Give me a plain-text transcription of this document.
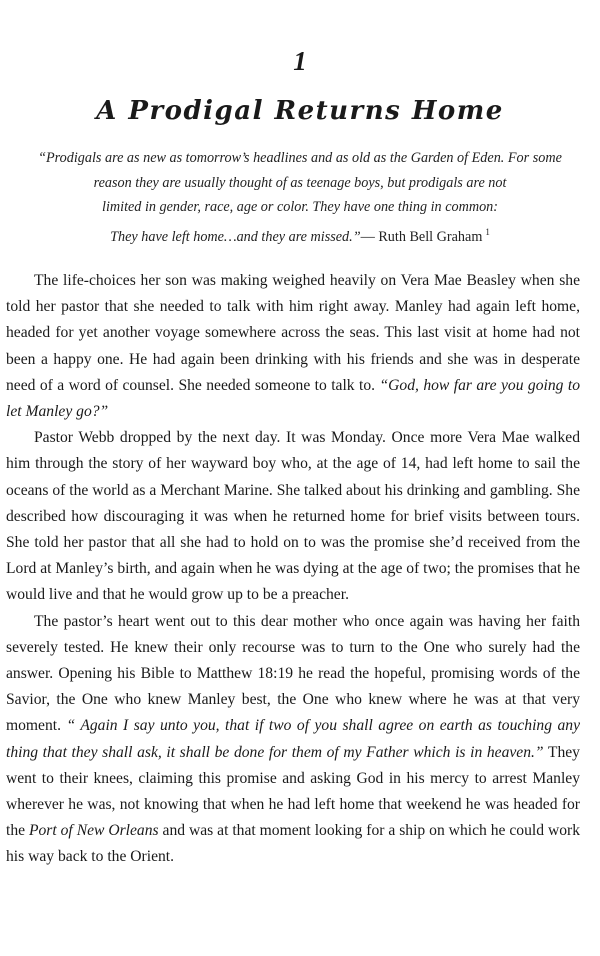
1
A Prodigal Returns Home
“Prodigals are as new as tomorrow’s headlines and as old as the Garden of Eden. For some
reason they are usually thought of as teenage boys, but prodigals are not
limited in gender, race, age or color. They have one thing in common:
They have left home…and they are missed.”— Ruth Bell Graham $^1$

The life-choices her son was making weighed heavily on Vera Mae Beasley when she told her pastor that she needed to talk with him right away. Manley had again left home, headed for yet another voyage somewhere across the seas. This last visit at home had not been a happy one. He had again been drinking with his friends and she was in desperate need of a word of counsel. She needed someone to talk to. “God, how far are you going to let Manley go?”

Pastor Webb dropped by the next day. It was Monday. Once more Vera Mae walked him through the story of her wayward boy who, at the age of 14, had left home to sail the oceans of the world as a Merchant Marine. She talked about his drinking and gambling. She described how discouraging it was when he returned home for brief visits between tours. She told her pastor that all she had to hold on to was the promise she’d received from the Lord at Manley’s birth, and again when he was dying at the age of two; the promises that he would live and that he would grow up to be a preacher.

The pastor’s heart went out to this dear mother who once again was having her faith severely tested. He knew their only recourse was to turn to the One who surely had the answer. Opening his Bible to Matthew 18:19 he read the hopeful, promising words of the Savior, the One who knew Manley best, the One who knew where he was at that very moment. “ Again I say unto you, that if two of you shall agree on earth as touching any thing that they shall ask, it shall be done for them of my Father which is in heaven.” They went to their knees, claiming this promise and asking God in his mercy to arrest Manley wherever he was, not knowing that when he had left home that weekend he was headed for the Port of New Orleans and was at that moment looking for a ship on which he could work his way back to the Orient.
